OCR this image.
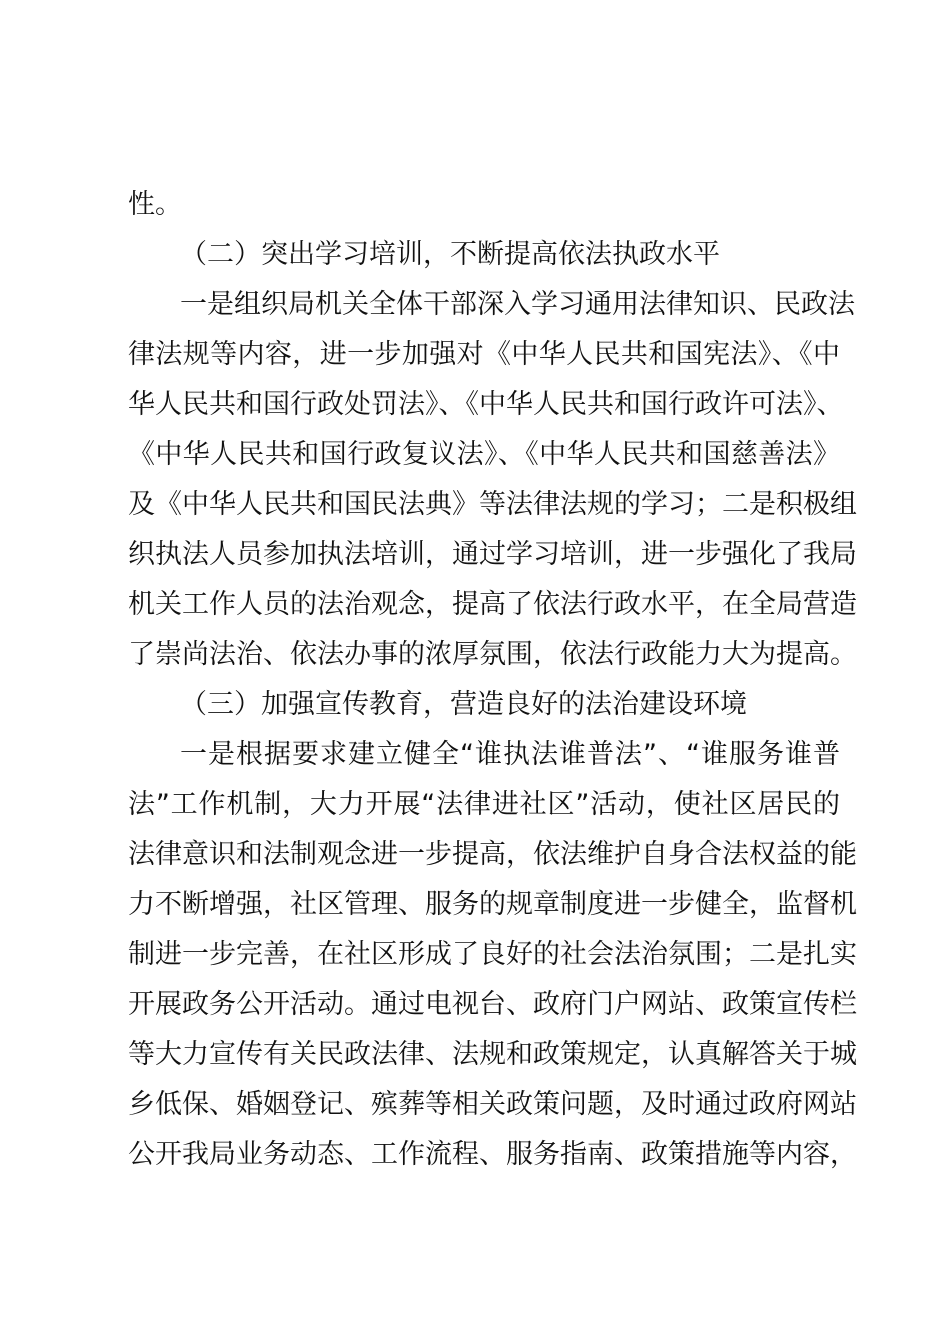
性。
（二）突出学习培训，不断提高依法执政水平
一是组织局机关全体干部深入学习通用法律知识、民政法
律法规等内容，进一步加强对《中华人民共和国宪法》、《中
华人民共和国行政处罚法》、《中华人民共和国行政许可法》、
《中华人民共和国行政复议法》、《中华人民共和国慈善法》
及《中华人民共和国民法典》等法律法规的学习；二是积极组
织执法人员参加执法培训，通过学习培训，进一步强化了我局
机关工作人员的法治观念，提高了依法行政水平，在全局营造
了崇尚法治、依法办事的浓厚氛围，依法行政能力大为提高。
（三）加强宣传教育，营造良好的法治建设环境
一是根据要求建立健全“谁执法谁普法”、“谁服务谁普
法”工作机制，大力开展“法律进社区”活动，使社区居民的
法律意识和法制观念进一步提高，依法维护自身合法权益的能
力不断增强，社区管理、服务的规章制度进一步健全，监督机
制进一步完善，在社区形成了良好的社会法治氛围；二是扎实
开展政务公开活动。通过电视台、政府门户网站、政策宣传栏
等大力宣传有关民政法律、法规和政策规定，认真解答关于城
乡低保、婚姻登记、殡葬等相关政策问题，及时通过政府网站
公开我局业务动态、工作流程、服务指南、政策措施等内容，
